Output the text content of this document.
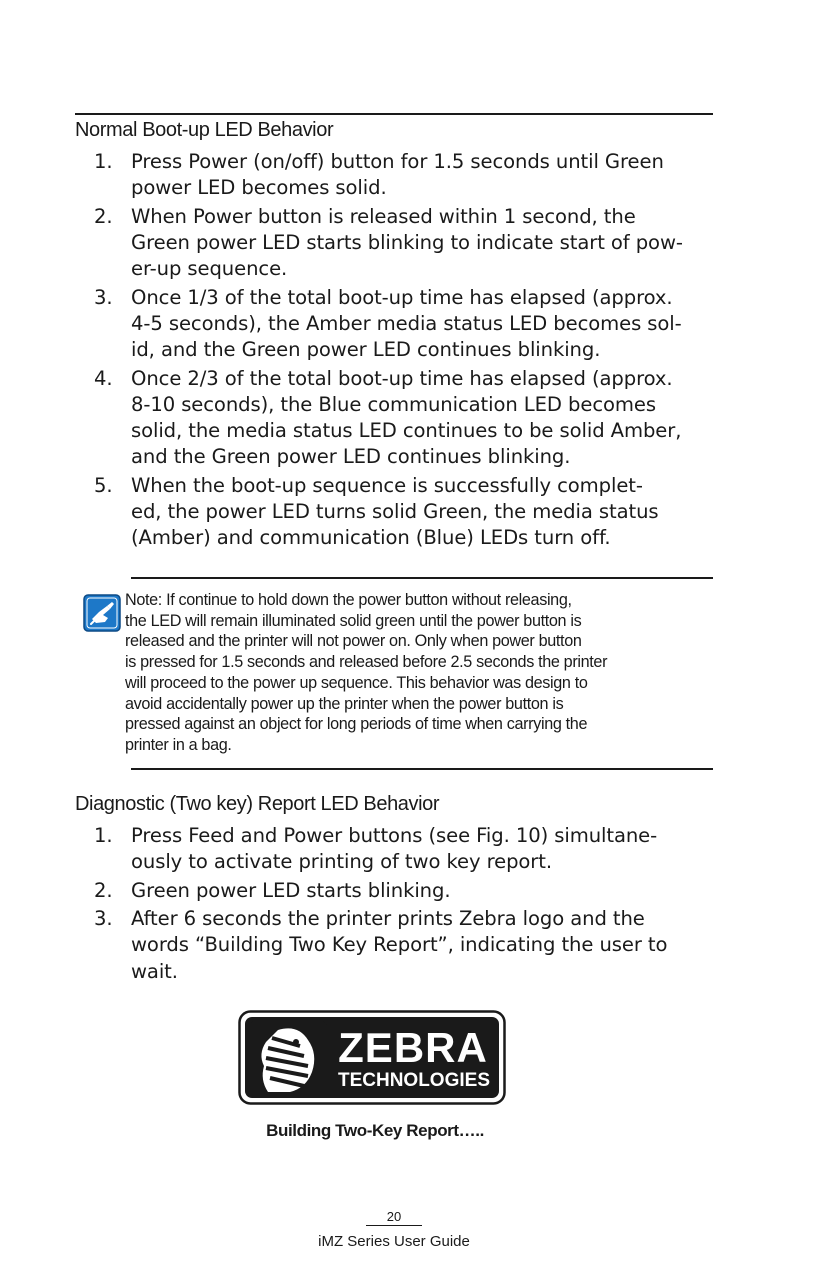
Normal Boot-up LED Behavior
1. Press Power (on/off) button for 1.5 seconds until Green
power LED becomes solid.
2. When Power button is released within 1 second, the
Green power LED starts blinking to indicate start of pow-
er-up sequence.
3. Once 1/3 of the total boot-up time has elapsed (approx.
4-5 seconds), the Amber media status LED becomes sol-
id, and the Green power LED continues blinking.
4. Once 2/3 of the total boot-up time has elapsed (approx.
8-10 seconds), the Blue communication LED becomes
solid, the media status LED continues to be solid Amber,
and the Green power LED continues blinking.
5. When the boot-up sequence is successfully complet-
ed, the power LED turns solid Green, the media status
(Amber) and communication (Blue) LEDs turn off.
Note: If continue to hold down the power button without releasing,
the LED will remain illuminated solid green until the power button is
released and the printer will not power on. Only when power button
is pressed for 1.5 seconds and released before 2.5 seconds the printer
will proceed to the power up sequence. This behavior was design to
avoid accidentally power up the printer when the power button is
pressed against an object for long periods of time when carrying the
printer in a bag.
Diagnostic (Two key) Report LED Behavior
1. Press Feed and Power buttons (see Fig. 10) simultane-
ously to activate printing of two key report.
2. Green power LED starts blinking.
3. After 6 seconds the printer prints Zebra logo and the
words “Building Two Key Report”, indicating the user to
wait.
ZEBRA
TECHNOLOGIES
Building Two-Key Report…..
20
iMZ Series User Guide
